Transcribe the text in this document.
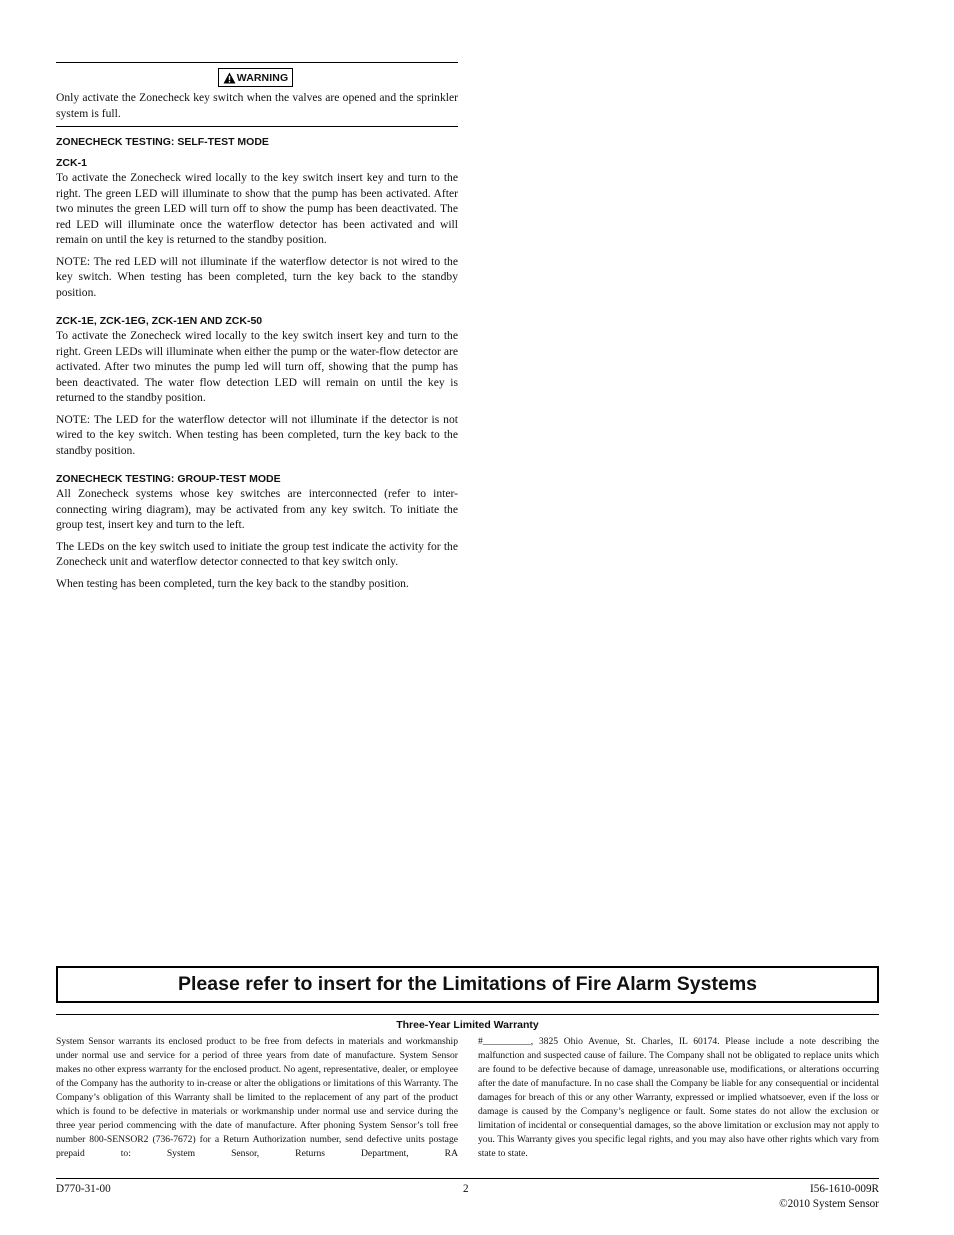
WARNING

Only activate the Zonecheck key switch when the valves are opened and the sprinkler system is full.

ZONECHECK TESTING: SELF-TEST MODE

ZCK-1

To activate the Zonecheck wired locally to the key switch insert key and turn to the right. The green LED will illuminate to show that the pump has been activated. After two minutes the green LED will turn off to show the pump has been deactivated. The red LED will illuminate once the waterflow detector has been activated and will remain on until the key is returned to the standby position.

NOTE: The red LED will not illuminate if the waterflow detector is not wired to the key switch. When testing has been completed, turn the key back to the standby position.

ZCK-1E, ZCK-1EG, ZCK-1EN AND ZCK-50

To activate the Zonecheck wired locally to the key switch insert key and turn to the right. Green LEDs will illuminate when either the pump or the water-flow detector are activated. After two minutes the pump led will turn off, showing that the pump has been deactivated. The water flow detection LED will remain on until the key is returned to the standby position.

NOTE: The LED for the waterflow detector will not illuminate if the detector is not wired to the key switch. When testing has been completed, turn the key back to the standby position.

ZONECHECK TESTING: GROUP-TEST MODE

All Zonecheck systems whose key switches are interconnected (refer to inter-connecting wiring diagram), may be activated from any key switch. To initiate the group test, insert key and turn to the left.

The LEDs on the key switch used to initiate the group test indicate the activity for the Zonecheck unit and waterflow detector connected to that key switch only.

When testing has been completed, turn the key back to the standby position.

Please refer to insert for the Limitations of Fire Alarm Systems
Three-Year Limited Warranty
System Sensor warrants its enclosed product to be free from defects in materials and workmanship under normal use and service for a period of three years from date of manufacture. System Sensor makes no other express warranty for the enclosed product. No agent, representative, dealer, or employee of the Company has the authority to in-crease or alter the obligations or limitations of this Warranty. The Company’s obligation of this Warranty shall be limited to the replacement of any part of the product which is found to be defective in materials or workmanship under normal use and service during the three year period commencing with the date of manufacture. After phoning System Sensor’s toll free number 800-SENSOR2 (736-7672) for a Return Authorization number, send defective units postage prepaid to: System Sensor, Returns Department, RA
#__________, 3825 Ohio Avenue, St. Charles, IL 60174. Please include a note describing the malfunction and suspected cause of failure. The Company shall not be obligated to replace units which are found to be defective because of damage, unreasonable use, modifications, or alterations occurring after the date of manufacture. In no case shall the Company be liable for any consequential or incidental damages for breach of this or any other Warranty, expressed or implied whatsoever, even if the loss or damage is caused by the Company’s negligence or fault. Some states do not allow the exclusion or limitation of incidental or consequential damages, so the above limitation or exclusion may not apply to you. This Warranty gives you specific legal rights, and you may also have other rights which vary from state to state.
D770-31-00	2	I56-1610-009R
©2010 System Sensor
